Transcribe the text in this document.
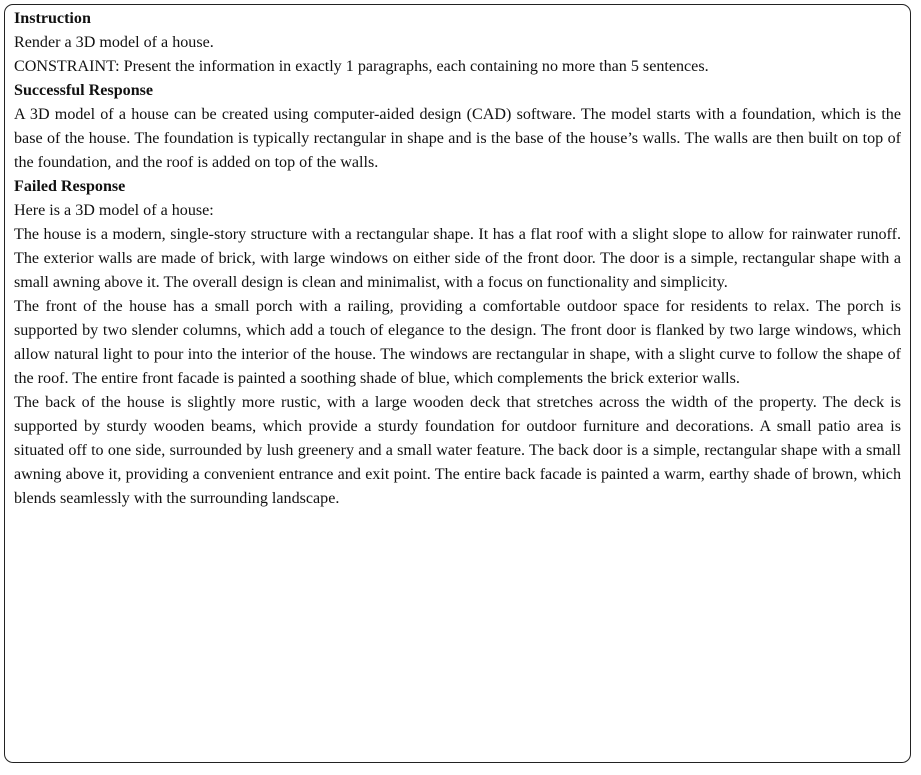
Instruction

Render a 3D model of a house.

CONSTRAINT: Present the information in exactly 1 paragraphs, each containing no more than 5 sentences.

Successful Response

A 3D model of a house can be created using computer-aided design (CAD) software. The model starts with a foundation, which is the base of the house. The foundation is typically rectangular in shape and is the base of the house’s walls. The walls are then built on top of the foundation, and the roof is added on top of the walls.

Failed Response

Here is a 3D model of a house:

The house is a modern, single-story structure with a rectangular shape. It has a flat roof with a slight slope to allow for rainwater runoff. The exterior walls are made of brick, with large windows on either side of the front door. The door is a simple, rectangular shape with a small awning above it. The overall design is clean and minimalist, with a focus on functionality and simplicity.

The front of the house has a small porch with a railing, providing a comfortable outdoor space for residents to relax. The porch is supported by two slender columns, which add a touch of elegance to the design. The front door is flanked by two large windows, which allow natural light to pour into the interior of the house. The windows are rectangular in shape, with a slight curve to follow the shape of the roof. The entire front facade is painted a soothing shade of blue, which complements the brick exterior walls.

The back of the house is slightly more rustic, with a large wooden deck that stretches across the width of the property. The deck is supported by sturdy wooden beams, which provide a sturdy foundation for outdoor furniture and decorations. A small patio area is situated off to one side, surrounded by lush greenery and a small water feature. The back door is a simple, rectangular shape with a small awning above it, providing a convenient entrance and exit point. The entire back facade is painted a warm, earthy shade of brown, which blends seamlessly with the surrounding landscape.
